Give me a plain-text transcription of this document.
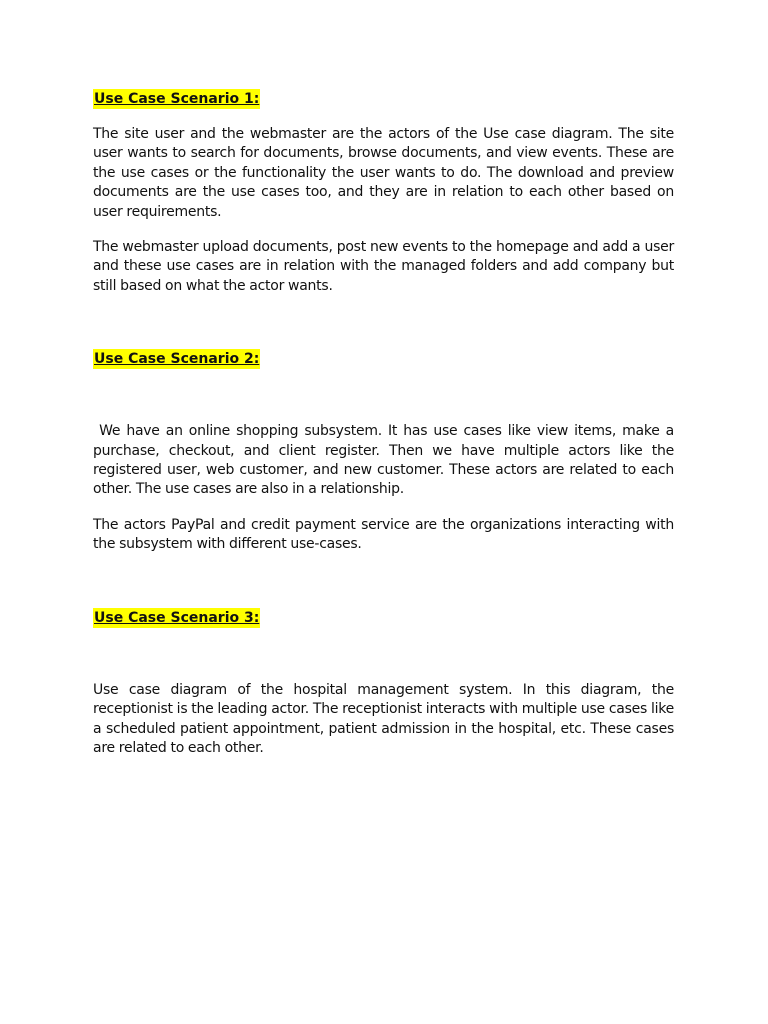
Use Case Scenario 1:

The site user and the webmaster are the actors of the Use case diagram. The site user wants to search for documents, browse documents, and view events. These are the use cases or the functionality the user wants to do. The download and preview documents are the use cases too, and they are in relation to each other based on user requirements.

The webmaster upload documents, post new events to the homepage and add a user and these use cases are in relation with the managed folders and add company but still based on what the actor wants.

Use Case Scenario 2:

We have an online shopping subsystem. It has use cases like view items, make a purchase, checkout, and client register. Then we have multiple actors like the registered user, web customer, and new customer. These actors are related to each other. The use cases are also in a relationship.

The actors PayPal and credit payment service are the organizations interacting with the subsystem with different use-cases.

Use Case Scenario 3:

Use case diagram of the hospital management system. In this diagram, the receptionist is the leading actor. The receptionist interacts with multiple use cases like a scheduled patient appointment, patient admission in the hospital, etc. These cases are related to each other.
